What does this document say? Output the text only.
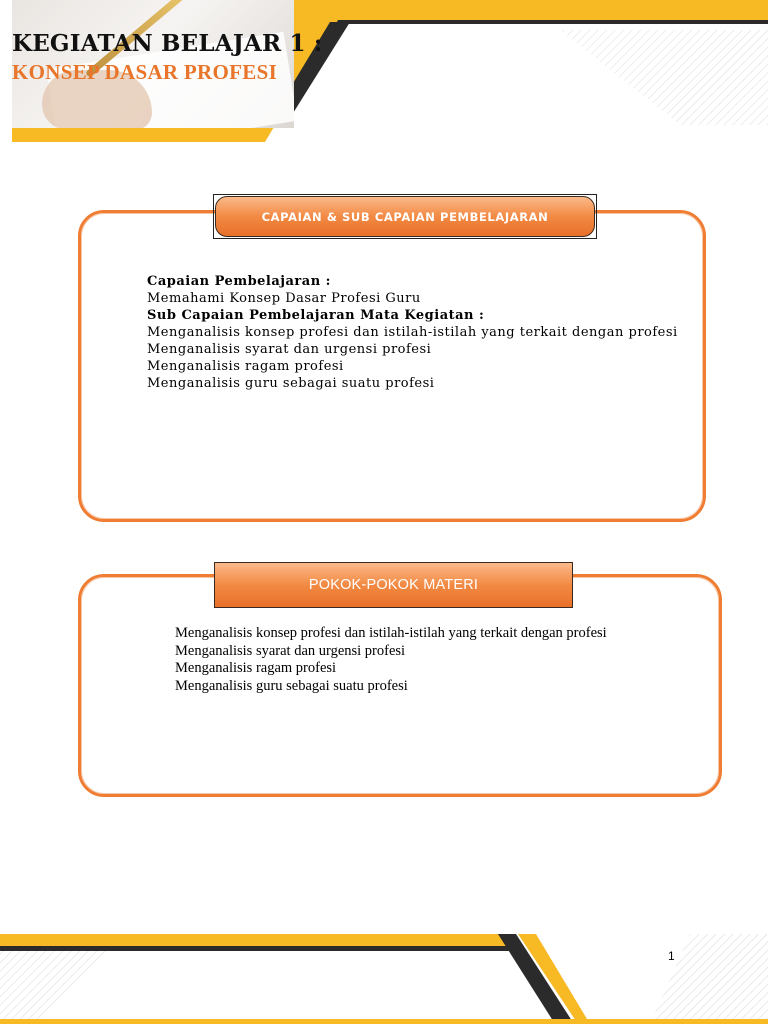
KEGIATAN BELAJAR 1 :
KONSEP DASAR PROFESI
CAPAIAN & SUB CAPAIAN PEMBELAJARAN
Capaian Pembelajaran :
Memahami Konsep Dasar Profesi Guru
Sub Capaian Pembelajaran Mata Kegiatan :
Menganalisis konsep profesi dan istilah-istilah yang terkait dengan profesi
Menganalisis syarat dan urgensi profesi
Menganalisis ragam profesi
Menganalisis guru sebagai suatu profesi
POKOK-POKOK MATERI
Menganalisis konsep profesi dan istilah-istilah yang terkait dengan profesi
Menganalisis syarat dan urgensi profesi
Menganalisis ragam profesi
Menganalisis guru sebagai suatu profesi
1
